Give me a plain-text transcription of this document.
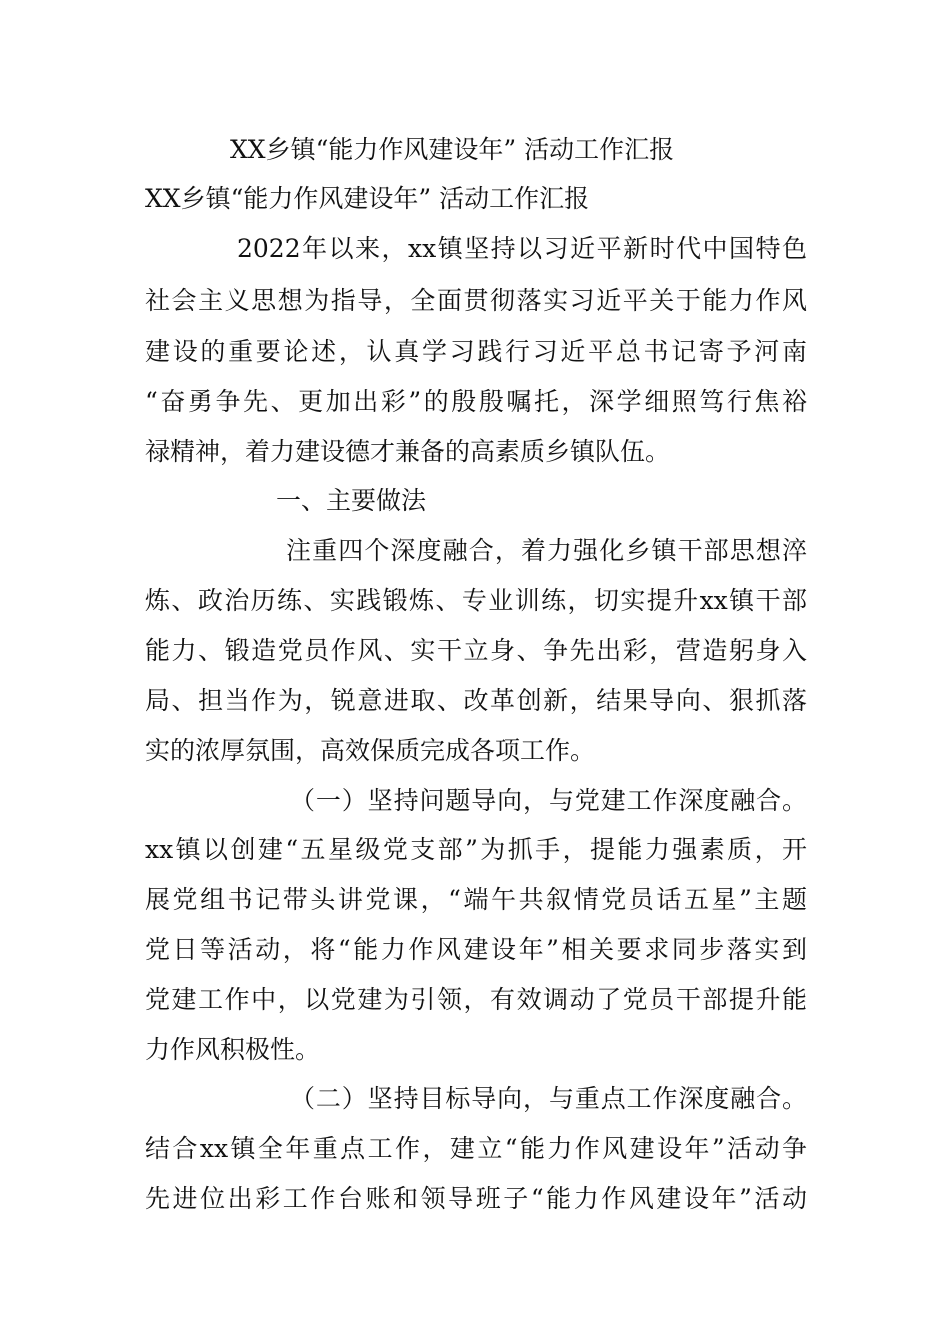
XX乡镇“能力作风建设年” 活动工作汇报
XX乡镇“能力作风建设年” 活动工作汇报
2022年以来，xx镇坚持以习近平新时代中国特色
社会主义思想为指导，全面贯彻落实习近平关于能力作风
建设的重要论述，认真学习践行习近平总书记寄予河南
“奋勇争先、更加出彩”的殷殷嘱托，深学细照笃行焦裕
禄精神，着力建设德才兼备的高素质乡镇队伍。
一、主要做法
注重四个深度融合，着力强化乡镇干部思想淬
炼、政治历练、实践锻炼、专业训练，切实提升xx镇干部
能力、锻造党员作风、实干立身、争先出彩，营造躬身入
局、担当作为，锐意进取、改革创新，结果导向、狠抓落
实的浓厚氛围，高效保质完成各项工作。
（一）坚持问题导向，与党建工作深度融合。
xx镇以创建“五星级党支部”为抓手，提能力强素质，开
展党组书记带头讲党课，“端午共叙情党员话五星”主题
党日等活动，将“能力作风建设年”相关要求同步落实到
党建工作中，以党建为引领，有效调动了党员干部提升能
力作风积极性。
（二）坚持目标导向，与重点工作深度融合。
结合xx镇全年重点工作，建立“能力作风建设年”活动争
先进位出彩工作台账和领导班子“能力作风建设年”活动
